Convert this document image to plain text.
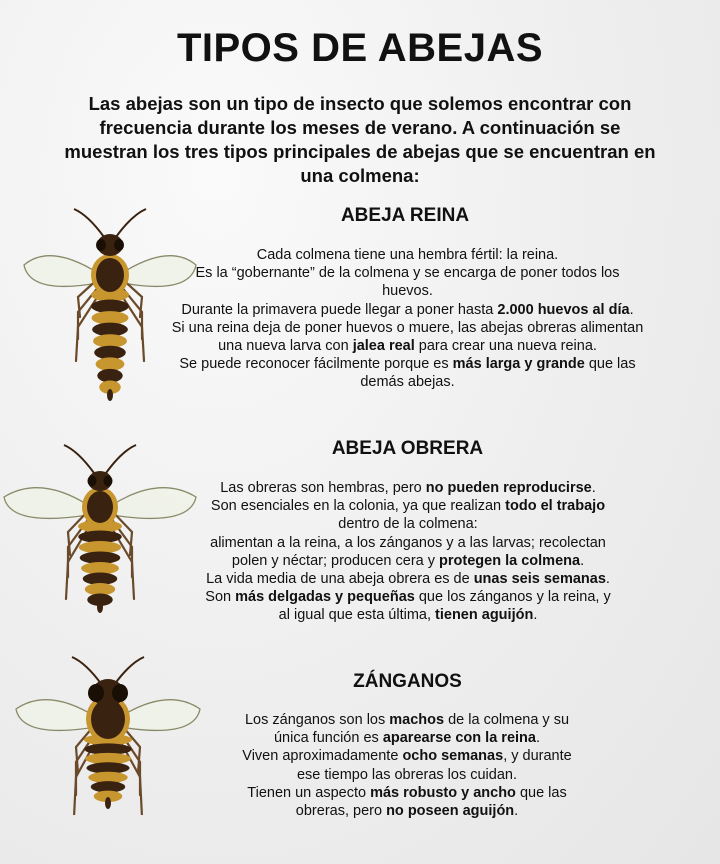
TIPOS DE ABEJAS

Las abejas son un tipo de insecto que solemos encontrar con frecuencia durante los meses de verano. A continuación se muestran los tres tipos principales de abejas que se encuentran en una colmena:

ABEJA REINA

Cada colmena tiene una hembra fértil: la reina.

Es la “gobernante” de la colmena y se encarga de poner todos los huevos.

Durante la primavera puede llegar a poner hasta 2.000 huevos al día.

Si una reina deja de poner huevos o muere, las abejas obreras alimentan una nueva larva con jalea real para crear una nueva reina.

Se puede reconocer fácilmente porque es más larga y grande que las demás abejas.

ABEJA OBRERA

Las obreras son hembras, pero no pueden reproducirse.

Son esenciales en la colonia, ya que realizan todo el trabajo dentro de la colmena:

alimentan a la reina, a los zánganos y a las larvas; recolectan polen y néctar; producen cera y protegen la colmena.

La vida media de una abeja obrera es de unas seis semanas.

Son más delgadas y pequeñas que los zánganos y la reina, y al igual que esta última, tienen aguijón.

ZÁNGANOS

Los zánganos son los machos de la colmena y su única función es aparearse con la reina.

Viven aproximadamente ocho semanas, y durante ese tiempo las obreras los cuidan.

Tienen un aspecto más robusto y ancho que las obreras, pero no poseen aguijón.
